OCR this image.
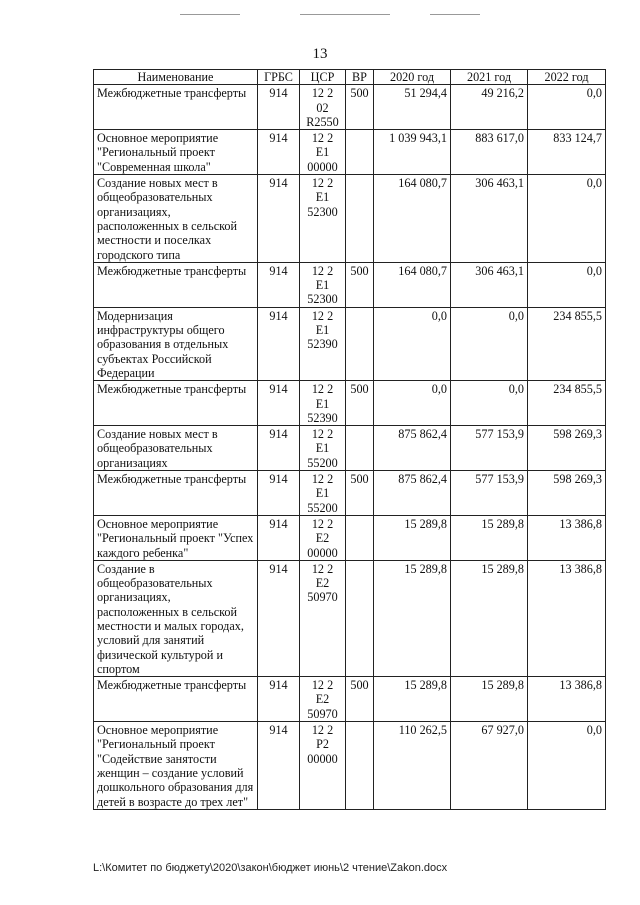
13
Наименование	ГРБС	ЦСР	ВР	2020 год	2021 год	2022 год
Межбюджетные трансферты	914	12 2
02
R2550	500	51 294,4	49 216,2	0,0
Основное мероприятие "Региональный проект "Современная школа"	914	12 2
E1
00000		1 039 943,1	883 617,0	833 124,7
Создание новых мест в общеобразовательных организациях, расположенных в сельской местности и поселках городского типа	914	12 2
E1
52300		164 080,7	306 463,1	0,0
Межбюджетные трансферты	914	12 2
E1
52300	500	164 080,7	306 463,1	0,0
Модернизация инфраструктуры общего образования в отдельных субъектах Российской Федерации	914	12 2
E1
52390		0,0	0,0	234 855,5
Межбюджетные трансферты	914	12 2
E1
52390	500	0,0	0,0	234 855,5
Создание новых мест в общеобразовательных организациях	914	12 2
E1
55200		875 862,4	577 153,9	598 269,3
Межбюджетные трансферты	914	12 2
E1
55200	500	875 862,4	577 153,9	598 269,3
Основное мероприятие "Региональный проект "Успех каждого ребенка"	914	12 2
E2
00000		15 289,8	15 289,8	13 386,8
Создание в общеобразовательных организациях, расположенных в сельской местности и малых городах, условий для занятий физической культурой и спортом	914	12 2
E2
50970		15 289,8	15 289,8	13 386,8
Межбюджетные трансферты	914	12 2
E2
50970	500	15 289,8	15 289,8	13 386,8
Основное мероприятие "Региональный проект "Содействие занятости женщин – создание условий дошкольного образования для детей в возрасте до трех лет"	914	12 2
P2
00000		110 262,5	67 927,0	0,0
L:\Комитет по бюджету\2020\закон\бюджет июнь\2 чтение\Zakon.docx
